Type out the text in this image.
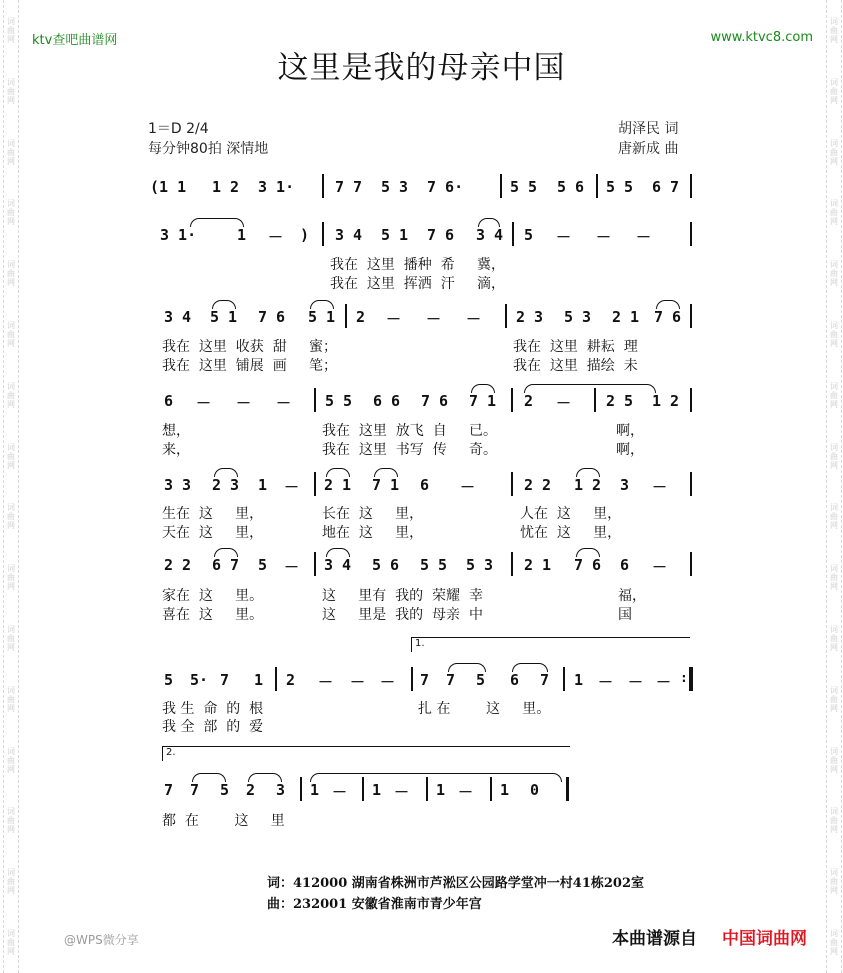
词
曲
网
词
曲
网
词
曲
网
词
曲
网
词
曲
网
词
曲
网
词
曲
网
词
曲
网
词
曲
网
词
曲
网
词
曲
网
词
曲
网
词
曲
网
词
曲
网
词
曲
网
词
曲
网
词
曲
网
词
曲
网
词
曲
网
词
曲
网
词
曲
网
词
曲
网
词
曲
网
词
曲
网
词
曲
网
词
曲
网
词
曲
网
词
曲
网
词
曲
网
词
曲
网
词
曲
网
词
曲
网
ktv查吧曲谱网	www.ktvc8.com
这里是我的母亲中国
1＝D 2/4
每分钟80拍 深情地
胡泽民 词
唐新成 曲
(1 1 1 2 3 1·	7 7 5 3 7 6·	5 5 5 6 5 5 6 7
3 1·	1 － ) 3 4 5 1 7 6 3 4 5 － － －
我在  这里  播种  希     冀，
我在  这里  挥洒  汗     滴，
3 4 5 1 7 6 5 1 2 － － － 2 3 5 3 2 1 7 6
我在  这里  收获  甜     蜜；	我在  这里  耕耘  理
我在  这里  铺展  画     笔；	我在  这里  描绘  未
6 － － － 5 5 6 6 7 6 7 1 2 － 2 5 1 2
想，	我在  这里  放飞  自     已。	啊，
来，	我在  这里  书写  传     奇。	啊，
3 3 2 3 1 － 2 1 7 1 6 －	2 2 1 2 3 －
生在  这     里，	长在  这     里，	人在  这     里，
天在  这     里，	地在  这     里，	忧在  这     里，
2 2 6 7 5 － 3 4 5 6 5 5 5 3 2 1 7 6 6 －
家在  这     里。	这     里有  我的  荣耀  幸	福，
喜在  这     里。	这     里是  我的  母亲  中	国
1.
5 5· 7 1 2 － － － 7 7 5 6 7 1 － － － :
我 生  命  的  根	扎 在        这     里。
我 全  部  的  爱
2.
7 7 5 2 3 1 － 1 － 1 － 1 0
都  在        这     里
词：412000 湖南省株洲市芦淞区公园路学堂冲一村41栋202室
曲：232001 安徽省淮南市青少年宫
@WPS微分享	本曲谱源自 中国词曲网
